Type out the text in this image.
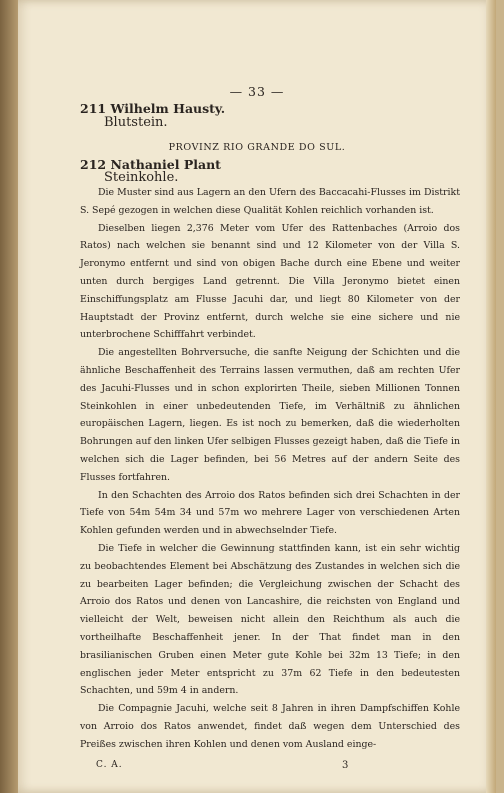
— 33 —
211 Wilhelm Hausty.
Blutstein.
PROVINZ RIO GRANDE DO SUL.
212 Nathaniel Plant
Steinkohle.

Die Muster sind aus Lagern an den Ufern des Baccacahi-Flusses im Distrikt S. Sepé gezogen in welchen diese Qualität Kohlen reichlich vorhanden ist.

Dieselben liegen 2,376 Meter vom Ufer des Rattenbaches (Arroio dos Ratos) nach welchen sie benannt sind und 12 Kilometer von der Villa S. Jeronymo entfernt und sind von obigen Bache durch eine Ebene und weiter unten durch bergiges Land getrennt. Die Villa Jeronymo bietet einen Einschiffungsplatz am Flusse Jacuhi dar, und liegt 80 Kilometer von der Hauptstadt der Provinz entfernt, durch welche sie eine sichere und nie unterbrochene Schifffahrt verbindet.

Die angestellten Bohrversuche, die sanfte Neigung der Schichten und die ähnliche Beschaffenheit des Terrains lassen vermuthen, daß am rechten Ufer des Jacuhi-Flusses und in schon explorirten Theile, sieben Millionen Tonnen Steinkohlen in einer unbedeutenden Tiefe, im Verhältniß zu ähnlichen europäischen Lagern, liegen. Es ist noch zu bemerken, daß die wiederholten Bohrungen auf den linken Ufer selbigen Flusses gezeigt haben, daß die Tiefe in welchen sich die Lager befinden, bei 56 Metres auf der andern Seite des Flusses fortfahren.

In den Schachten des Arroio dos Ratos befinden sich drei Schachten in der Tiefe von 54m 54m 34 und 57m wo mehrere Lager von verschiedenen Arten Kohlen gefunden werden und in abwechselnder Tiefe.

Die Tiefe in welcher die Gewinnung stattfinden kann, ist ein sehr wichtig zu beobachtendes Element bei Abschätzung des Zustandes in welchen sich die zu bearbeiten Lager befinden; die Vergleichung zwischen der Schacht des Arroio dos Ratos und denen von Lancashire, die reichsten von England und vielleicht der Welt, beweisen nicht allein den Reichthum als auch die vortheilhafte Beschaffenheit jener. In der That findet man in den brasilianischen Gruben einen Meter gute Kohle bei 32m 13 Tiefe; in den englischen jeder Meter entspricht zu 37m 62 Tiefe in den bedeutesten Schachten, und 59m 4 in andern.

Die Compagnie Jacuhi, welche seit 8 Jahren in ihren Dampfschiffen Kohle von Arroio dos Ratos anwendet, findet daß wegen dem Unterschied des Preißes zwischen ihren Kohlen und denen vom Ausland einge-

C. A.	3
